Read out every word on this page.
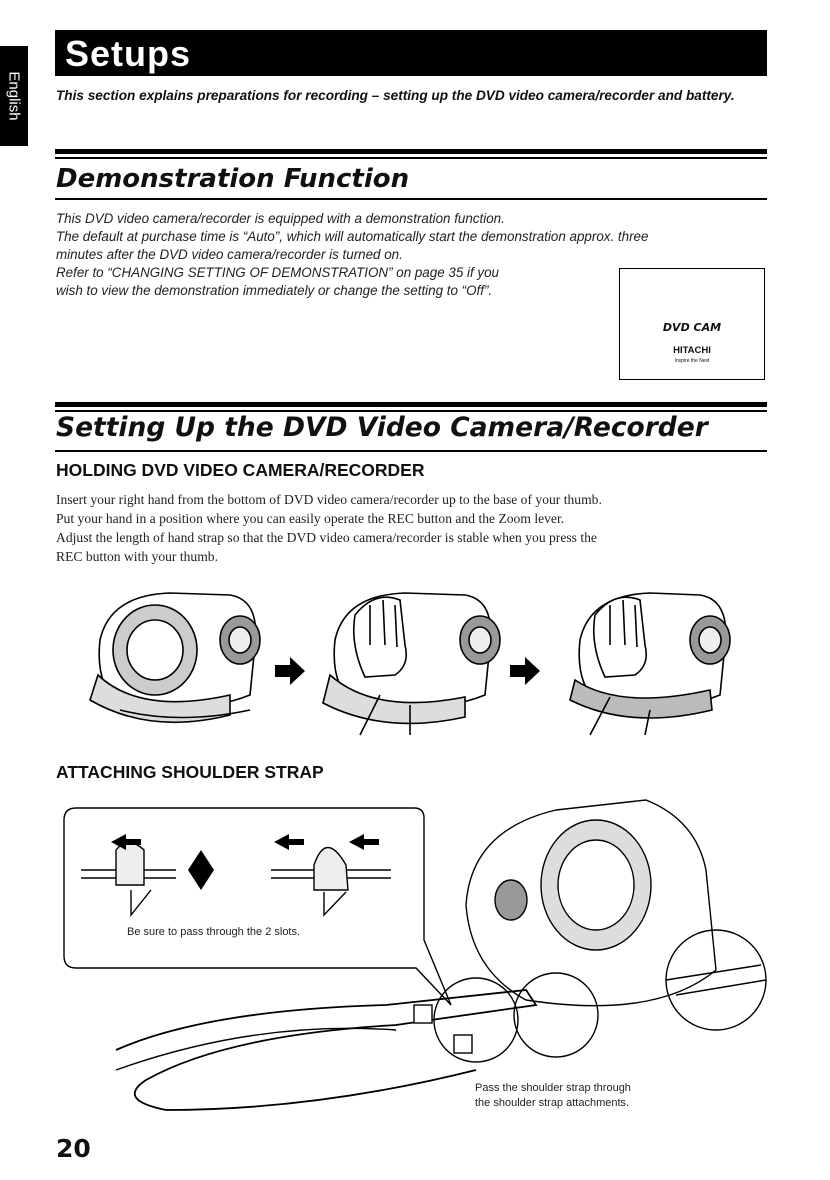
English
Setups
This section explains preparations for recording – setting up the DVD video camera/recorder and battery.
Demonstration Function
This DVD video camera/recorder is equipped with a demonstration function.
The default at purchase time is “Auto”, which will automatically start the demonstration approx. three
minutes after the DVD video camera/recorder is turned on.
Refer to “CHANGING SETTING OF DEMONSTRATION” on page 35 if you
wish to view the demonstration immediately or change the setting to “Off”.
DVD CAM
HITACHI
Inspire the Next
Setting Up the DVD Video Camera/Recorder
HOLDING DVD VIDEO CAMERA/RECORDER
Insert your right hand from the bottom of DVD video camera/recorder up to the base of your thumb.
Put your hand in a position where you can easily operate the REC button and the Zoom lever.
Adjust the length of hand strap so that the DVD video camera/recorder is stable when you press the
REC button with your thumb.
ATTACHING SHOULDER STRAP
Be sure to pass through the 2 slots.
Pass the shoulder strap through
the shoulder strap attachments.
20
